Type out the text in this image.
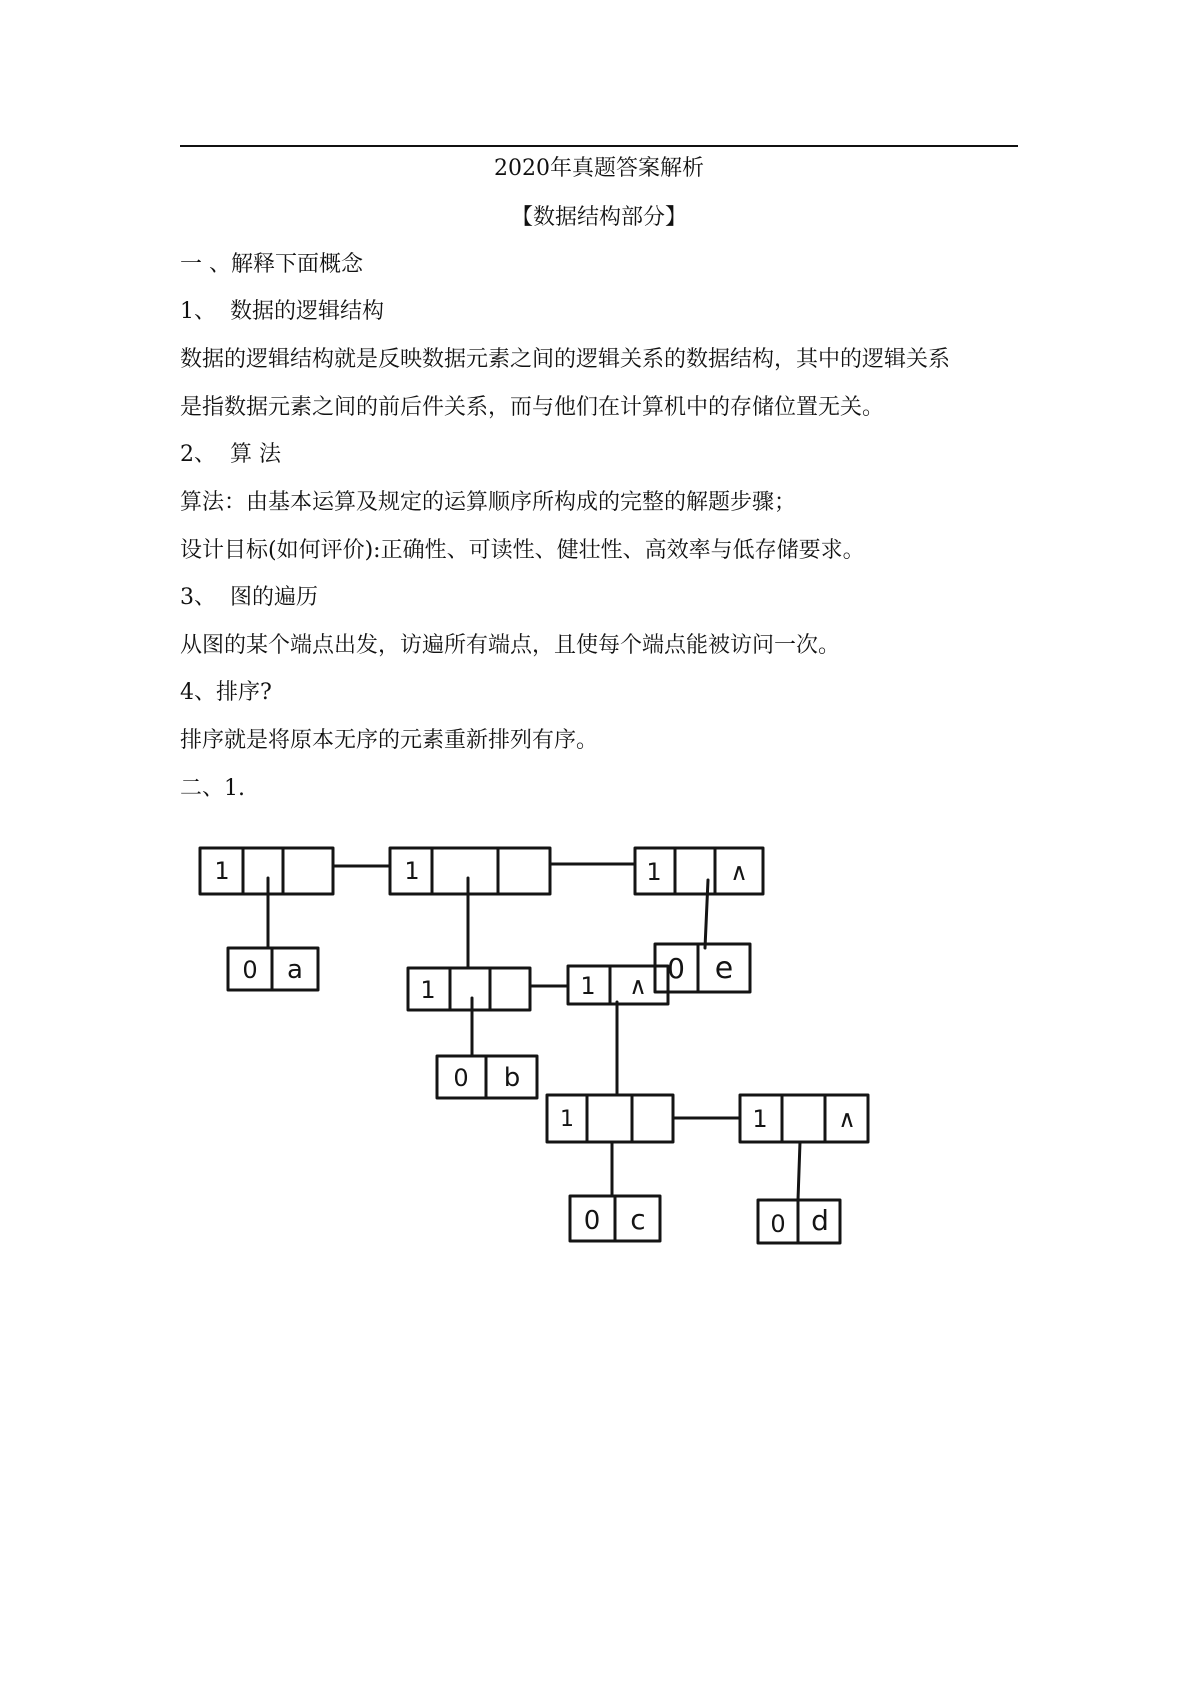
2020年真题答案解析
【数据结构部分】
一 、解释下面概念
1、 数据的逻辑结构
数据的逻辑结构就是反映数据元素之间的逻辑关系的数据结构，其中的逻辑关系
是指数据元素之间的前后件关系，而与他们在计算机中的存储位置无关。
2、 算 法
算法：由基本运算及规定的运算顺序所构成的完整的解题步骤；
设计目标(如何评价):正确性、可读性、健壮性、高效率与低存储要求。
3、 图的遍历
从图的某个端点出发，访遍所有端点，且使每个端点能被访问一次。
4、排序?
排序就是将原本无序的元素重新排列有序。
二、1.
1	1	1	∧
0 a
1	1 ∧
0 e
0 b
1	1	∧
0 c	0 d
